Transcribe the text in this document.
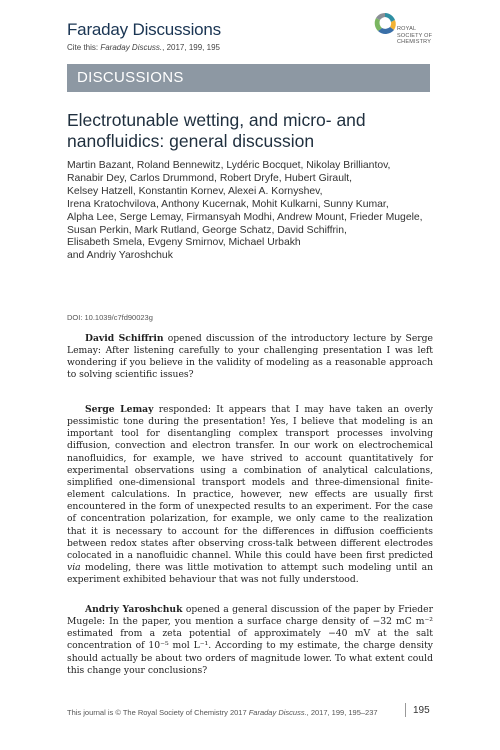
Faraday Discussions
Cite this: Faraday Discuss., 2017, 199, 195
ROYAL SOCIETY OF CHEMISTRY
DISCUSSIONS
Electrotunable wetting, and micro- and nanofluidics: general discussion
Martin Bazant, Roland Bennewitz, Lydéric Bocquet, Nikolay Brilliantov,
Ranabir Dey, Carlos Drummond, Robert Dryfe, Hubert Girault,
Kelsey Hatzell, Konstantin Kornev, Alexei A. Kornyshev,
Irena Kratochvilova, Anthony Kucernak, Mohit Kulkarni, Sunny Kumar,
Alpha Lee, Serge Lemay, Firmansyah Modhi, Andrew Mount, Frieder Mugele,
Susan Perkin, Mark Rutland, George Schatz, David Schiffrin,
Elisabeth Smela, Evgeny Smirnov, Michael Urbakh
and Andriy Yaroshchuk
DOI: 10.1039/c7fd90023g

David Schiffrin opened discussion of the introductory lecture by Serge Lemay: After listening carefully to your challenging presentation I was left wondering if you believe in the validity of modeling as a reasonable approach to solving scientific issues?

Serge Lemay responded: It appears that I may have taken an overly pessimistic tone during the presentation! Yes, I believe that modeling is an important tool for disentangling complex transport processes involving diffusion, convection and electron transfer. In our work on electrochemical nanofluidics, for example, we have strived to account quantitatively for experimental observations using a combination of analytical calculations, simplified one-dimensional transport models and three-dimensional finite-element calculations. In practice, however, new effects are usually first encountered in the form of unexpected results to an experiment. For the case of concentration polarization, for example, we only came to the realization that it is necessary to account for the differences in diffusion coefficients between redox states after observing cross-talk between different electrodes colocated in a nanofluidic channel. While this could have been first predicted via modeling, there was little motivation to attempt such modeling until an experiment exhibited behaviour that was not fully understood.

Andriy Yaroshchuk opened a general discussion of the paper by Frieder Mugele: In the paper, you mention a surface charge density of −32 mC m⁻² estimated from a zeta potential of approximately −40 mV at the salt concentration of 10⁻⁵ mol L⁻¹. According to my estimate, the charge density should actually be about two orders of magnitude lower. To what extent could this change your conclusions?

This journal is © The Royal Society of Chemistry 2017 Faraday Discuss., 2017, 199, 195–237	195
